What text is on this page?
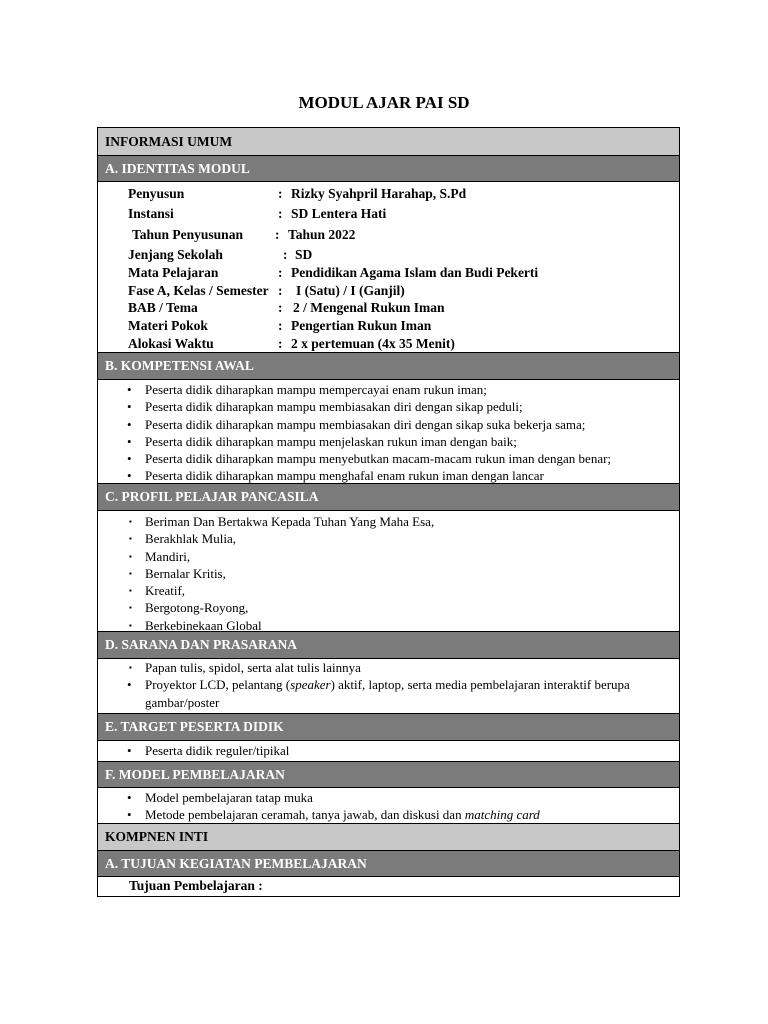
MODUL AJAR PAI SD
INFORMASI UMUM
A. IDENTITAS MODUL
Penyusun	: Rizky Syahpril Harahap, S.Pd
Instansi	: SD Lentera Hati
Tahun Penyusunan : Tahun 2022
Jenjang Sekolah	: SD
Mata Pelajaran	: Pendidikan Agama Islam dan Budi Pekerti
Fase A, Kelas / Semester : I (Satu) / I (Ganjil)
BAB / Tema	: 2 / Mengenal Rukun Iman
Materi Pokok	: Pengertian Rukun Iman
Alokasi Waktu	: 2 x pertemuan (4x 35 Menit)
B. KOMPETENSI AWAL
• Peserta didik diharapkan mampu mempercayai enam rukun iman;
• Peserta didik diharapkan mampu membiasakan diri dengan sikap peduli;
• Peserta didik diharapkan mampu membiasakan diri dengan sikap suka bekerja sama;
• Peserta didik diharapkan mampu menjelaskan rukun iman dengan baik;
• Peserta didik diharapkan mampu menyebutkan macam-macam rukun iman dengan benar;
• Peserta didik diharapkan mampu menghafal enam rukun iman dengan lancar
C. PROFIL PELAJAR PANCASILA
▪ Beriman Dan Bertakwa Kepada Tuhan Yang Maha Esa,
▪ Berakhlak Mulia,
▪ Mandiri,
▪ Bernalar Kritis,
▪ Kreatif,
▪ Bergotong-Royong,
▪ Berkebinekaan Global
D. SARANA DAN PRASARANA
▪ Papan tulis, spidol, serta alat tulis lainnya
• Proyektor LCD, pelantang (speaker) aktif, laptop, serta media pembelajaran interaktif berupa gambar/poster
E. TARGET PESERTA DIDIK
• Peserta didik reguler/tipikal
F. MODEL PEMBELAJARAN
• Model pembelajaran tatap muka
• Metode pembelajaran ceramah, tanya jawab, dan diskusi dan matching card
KOMPNEN INTI
A. TUJUAN KEGIATAN PEMBELAJARAN
Tujuan Pembelajaran :
